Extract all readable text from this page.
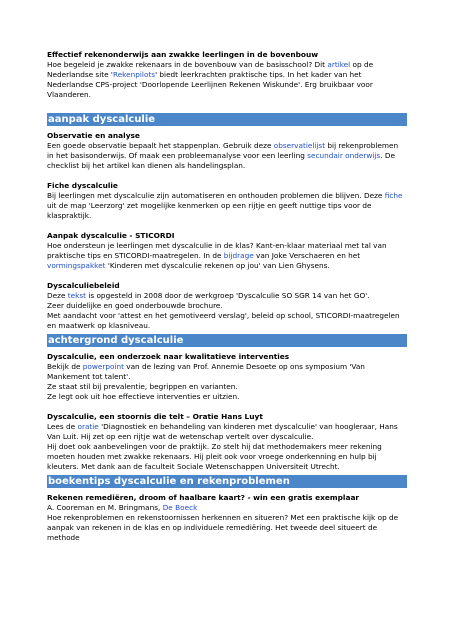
Effectief rekenonderwijs aan zwakke leerlingen in de bovenbouw

Hoe begeleid je zwakke rekenaars in de bovenbouw van de basisschool? Dit artikel op de Nederlandse site 'Rekenpilots' biedt leerkrachten praktische tips. In het kader van het Nederlandse CPS-project 'Doorlopende Leerlijnen Rekenen Wiskunde'. Erg bruikbaar voor Vlaanderen.

aanpak dyscalculie

Observatie en analyse

Een goede observatie bepaalt het stappenplan. Gebruik deze observatielijst bij rekenproblemen in het basisonderwijs. Of maak een probleemanalyse voor een leerling secundair onderwijs. De checklist bij het artikel kan dienen als handelingsplan.

Fiche dyscalculie

Bij leerlingen met dyscalculie zijn automatiseren en onthouden problemen die blijven. Deze fiche uit de map 'Leerzorg' zet mogelijke kenmerken op een rijtje en geeft nuttige tips voor de klaspraktijk.

Aanpak dyscalculie - STICORDI

Hoe ondersteun je leerlingen met dyscalculie in de klas? Kant-en-klaar materiaal met tal van praktische tips en STICORDI-maatregelen. In de bijdrage van Joke Verschaeren en het vormingspakket 'Kinderen met dyscalculie rekenen op jou' van Lien Ghysens.

Dyscalculiebeleid

Deze tekst is opgesteld in 2008 door de werkgroep 'Dyscalculie SO SGR 14 van het GO'.
Zeer duidelijke en goed onderbouwde brochure.
Met aandacht voor 'attest en het gemotiveerd verslag', beleid op school, STICORDI-maatregelen en maatwerk op klasniveau.

achtergrond dyscalculie

Dyscalculie, een onderzoek naar kwalitatieve interventies

Bekijk de powerpoint van de lezing van Prof. Annemie Desoete op ons symposium 'Van Mankement tot talent'.
Ze staat stil bij prevalentie, begrippen en varianten.
Ze legt ook uit hoe effectieve interventies er uitzien.

Dyscalculie, een stoornis die telt – Oratie Hans Luyt

Lees de oratie 'Diagnostiek en behandeling van kinderen met dyscalculie' van hoogleraar, Hans Van Luit. Hij zet op een rijtje wat de wetenschap vertelt over dyscalculie.
Hij doet ook aanbevelingen voor de praktijk. Zo stelt hij dat methodemakers meer rekening moeten houden met zwakke rekenaars. Hij pleit ook voor vroege onderkenning en hulp bij kleuters. Met dank aan de faculteit Sociale Wetenschappen Universiteit Utrecht.

boekentips dyscalculie en rekenproblemen

Rekenen remediëren, droom of haalbare kaart? - win een gratis exemplaar

A. Cooreman en M. Bringmans, De Boeck
Hoe rekenproblemen en rekenstoornissen herkennen en situeren? Met een praktische kijk op de aanpak van rekenen in de klas en op individuele remediëring. Het tweede deel situeert de methode
